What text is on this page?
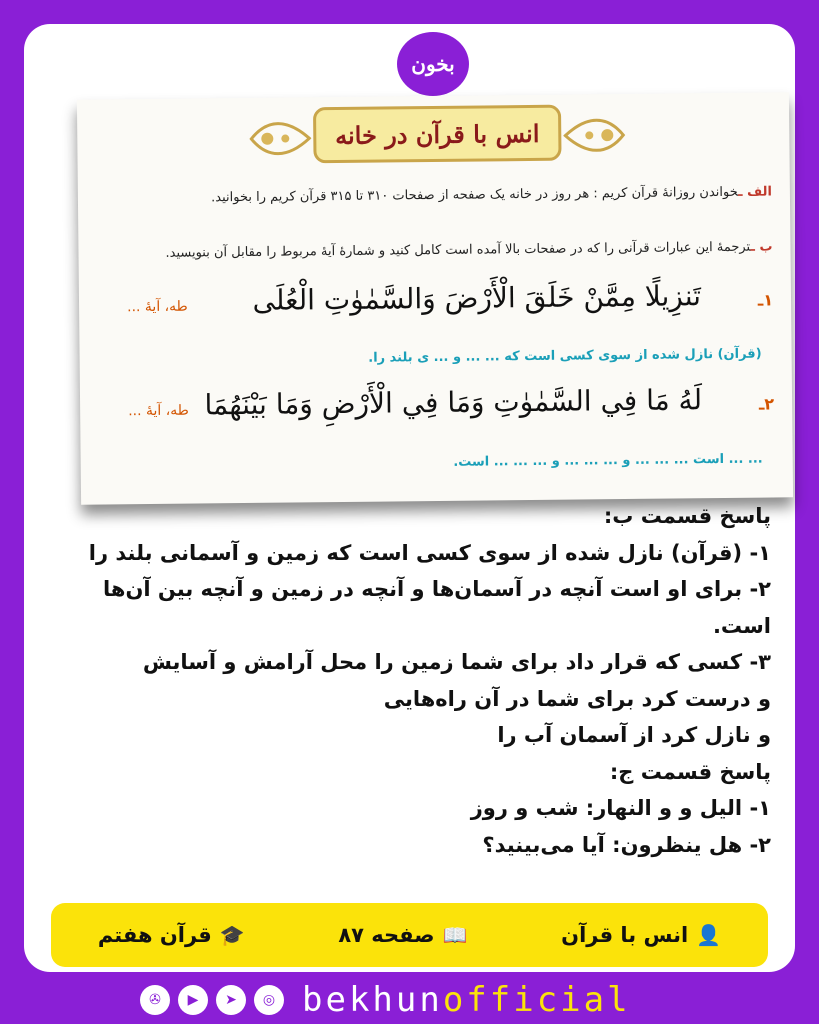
بخون
انس با قرآن در خانه
الف ـخواندن روزانهٔ قرآن کریم : هر روز در خانه یک صفحه از صفحات ۳۱۰ تا ۳۱۵ قرآن کریم را بخوانید.
ب ـترجمهٔ این عبارات قرآنی را که در صفحات بالا آمده است کامل کنید و شمارهٔ آیهٔ مربوط را مقابل آن بنویسید.
۱ـ
تَنزِيلًا مِمَّنْ خَلَقَ الْأَرْضَ وَالسَّمٰوٰتِ الْعُلَى
طه، آیهٔ ...
(قرآن) نازل شده از سوی کسی است که ... ... و ... ی بلند را.
۲ـ
لَهُ مَا فِي السَّمٰوٰتِ وَمَا فِي الْأَرْضِ وَمَا بَيْنَهُمَا
طه، آیهٔ ...
... ... است ... ... ... و ... ... ... و ... ... ... است.

پاسخ قسمت ب:

۱- (قرآن) نازل شده از سوی کسی است که زمین و آسمانی بلند را

۲- برای او است آنچه در آسمان‌ها و آنچه در زمین و آنچه بین آن‌ها است.

۳- کسی که قرار داد برای شما زمین را محل آرامش و آسایش

و درست کرد برای شما در آن راه‌هایی

و نازل کرد از آسمان آب را

پاسخ قسمت ج:

۱- الیل و و النهار: شب و روز

۲- هل ینظرون: آیا می‌بینید؟

👤
انس با قرآن
📖
صفحه ۸۷
🎓
قرآن هفتم
✇	▶	➤	◎ bekhunofficial
